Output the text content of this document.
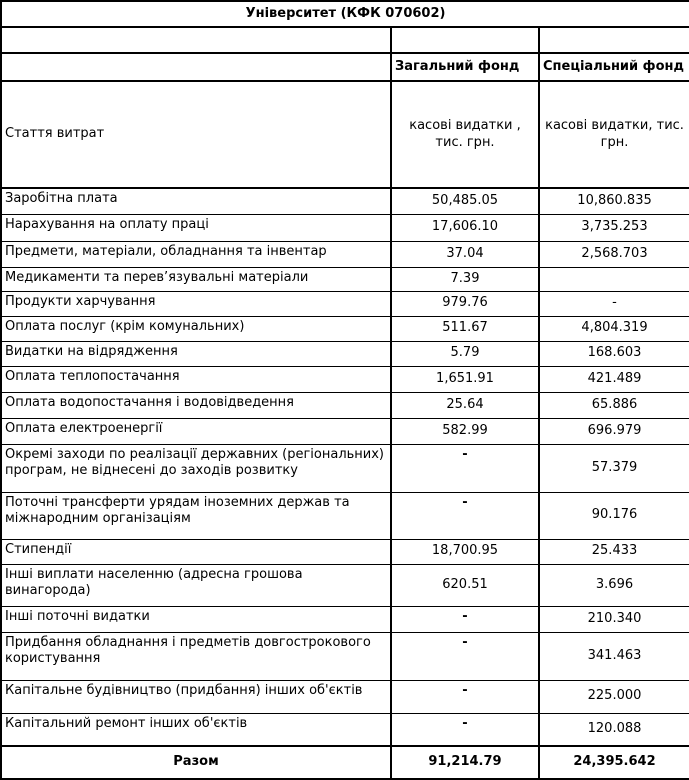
Університет (КФК 070602)		

	Загальний фонд	Спеціальний фонд
Стаття витрат	касові видатки , тис. грн.	касові видатки, тис. грн.
Заробітна плата	50,485.05	10,860.835
Нарахування на оплату праці	17,606.10	3,735.253
Предмети, матеріали, обладнання та інвентар	37.04	2,568.703
Медикаменти та перев’язувальні матеріали	7.39	
Продукти харчування	979.76	-
Оплата послуг (крім комунальних)	511.67	4,804.319
Видатки на відрядження	5.79	168.603
Оплата теплопостачання	1,651.91	421.489
Оплата водопостачання і водовідведення	25.64	65.886
Оплата електроенергії	582.99	696.979
Окремі заходи по реалізації державних (регіональних) програм, не віднесені до заходів розвитку	-	57.379
Поточні трансферти урядам іноземних держав та міжнародним організаціям	-	90.176
Стипендії	18,700.95	25.433
Інші виплати населенню (адресна грошова винагорода)	620.51	3.696
Інші поточні видатки	-	210.340
Придбання обладнання і предметів довгострокового користування	-	341.463
Капітальне будівництво (придбання) інших об'єктів	-	225.000
Капітальний ремонт інших об'єктів	-	120.088
Разом	91,214.79	24,395.642
